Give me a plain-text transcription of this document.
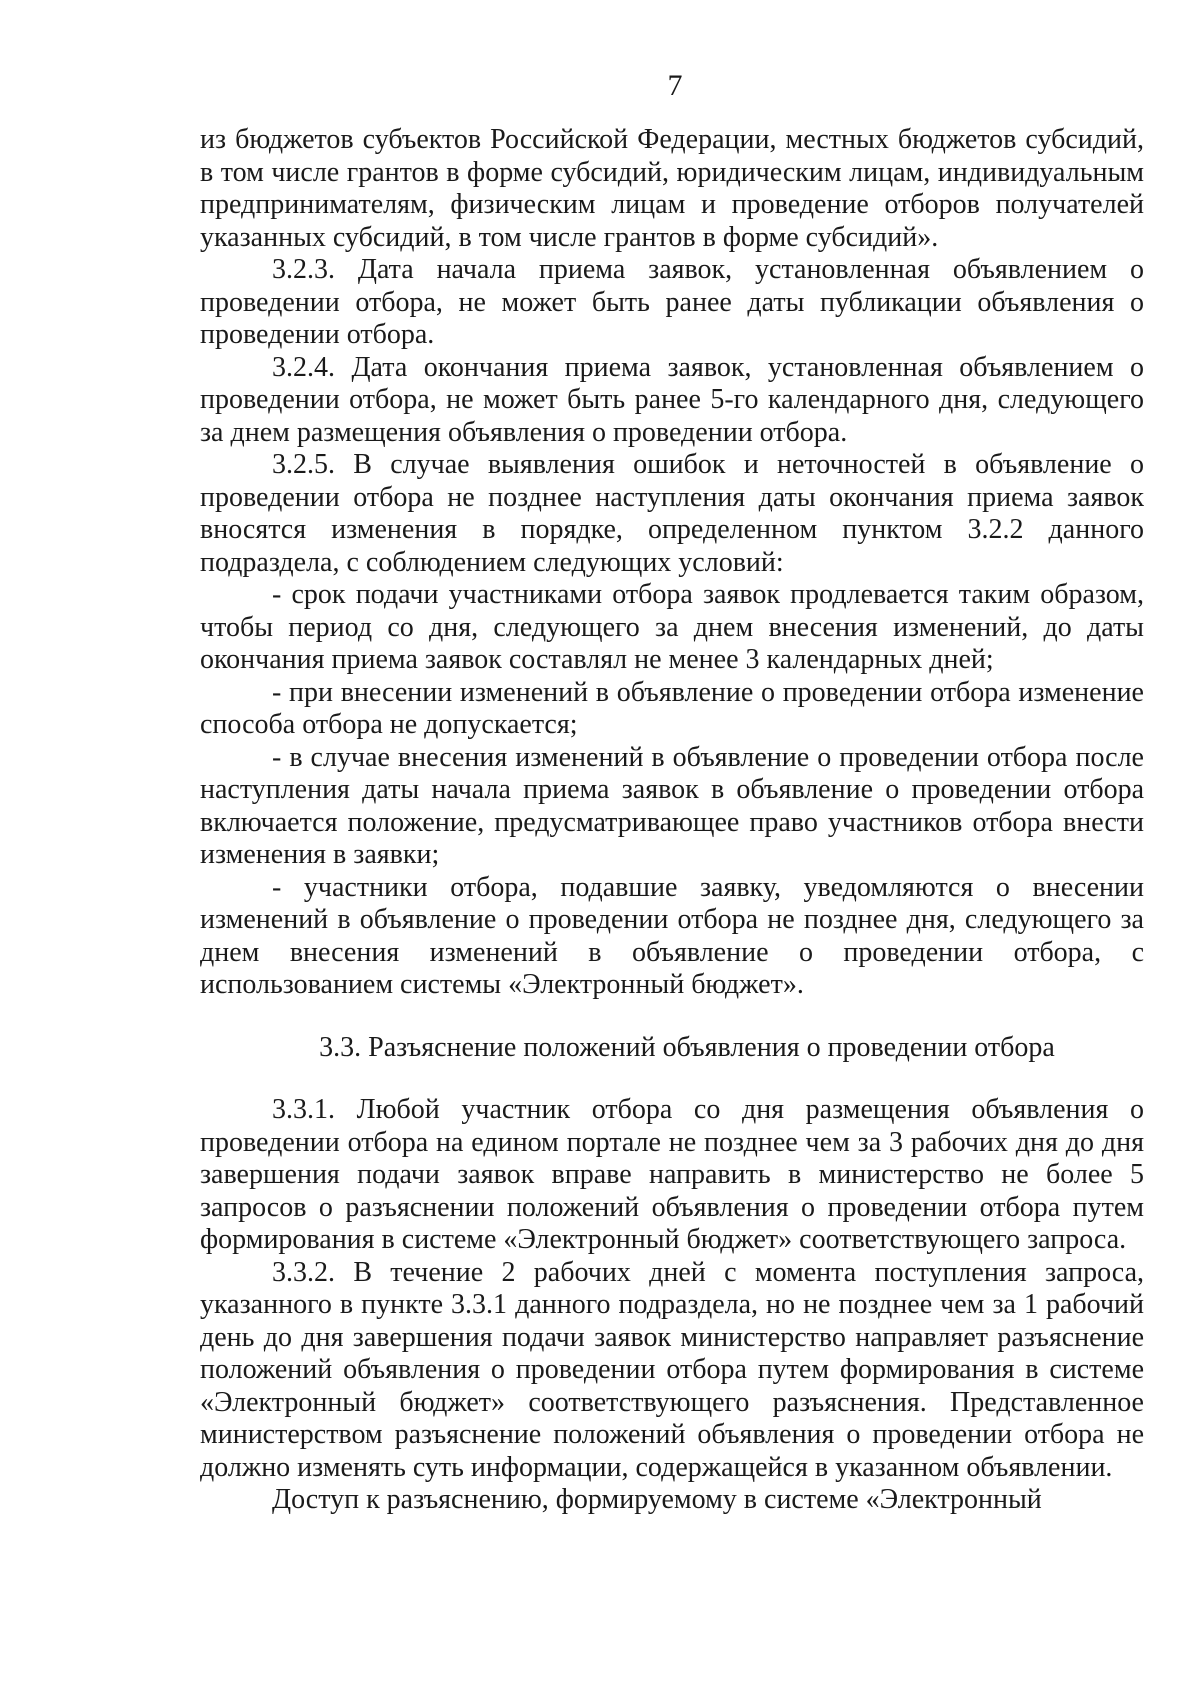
7

из бюджетов субъектов Российской Федерации, местных бюджетов субсидий, в том числе грантов в форме субсидий, юридическим лицам, индивидуальным предпринимателям, физическим лицам и проведение отборов получателей указанных субсидий, в том числе грантов в форме субсидий».

3.2.3. Дата начала приема заявок, установленная объявлением о проведении отбора, не может быть ранее даты публикации объявления о проведении отбора.

3.2.4. Дата окончания приема заявок, установленная объявлением о проведении отбора, не может быть ранее 5-го календарного дня, следующего за днем размещения объявления о проведении отбора.

3.2.5. В случае выявления ошибок и неточностей в объявление о проведении отбора не позднее наступления даты окончания приема заявок вносятся изменения в порядке, определенном пунктом 3.2.2 данного подраздела, с соблюдением следующих условий:

- срок подачи участниками отбора заявок продлевается таким образом, чтобы период со дня, следующего за днем внесения изменений, до даты окончания приема заявок составлял не менее 3 календарных дней;

- при внесении изменений в объявление о проведении отбора изменение способа отбора не допускается;

- в случае внесения изменений в объявление о проведении отбора после наступления даты начала приема заявок в объявление о проведении отбора включается положение, предусматривающее право участников отбора внести изменения в заявки;

- участники отбора, подавшие заявку, уведомляются о внесении изменений в объявление о проведении отбора не позднее дня, следующего за днем внесения изменений в объявление о проведении отбора, с использованием системы «Электронный бюджет».

3.3. Разъяснение положений объявления о проведении отбора

3.3.1. Любой участник отбора со дня размещения объявления о проведении отбора на едином портале не позднее чем за 3 рабочих дня до дня завершения подачи заявок вправе направить в министерство не более 5 запросов о разъяснении положений объявления о проведении отбора путем формирования в системе «Электронный бюджет» соответствующего запроса.

3.3.2. В течение 2 рабочих дней с момента поступления запроса, указанного в пункте 3.3.1 данного подраздела, но не позднее чем за 1 рабочий день до дня завершения подачи заявок министерство направляет разъяснение положений объявления о проведении отбора путем формирования в системе «Электронный бюджет» соответствующего разъяснения. Представленное министерством разъяснение положений объявления о проведении отбора не должно изменять суть информации, содержащейся в указанном объявлении.

Доступ к разъяснению, формируемому в системе «Электронный
